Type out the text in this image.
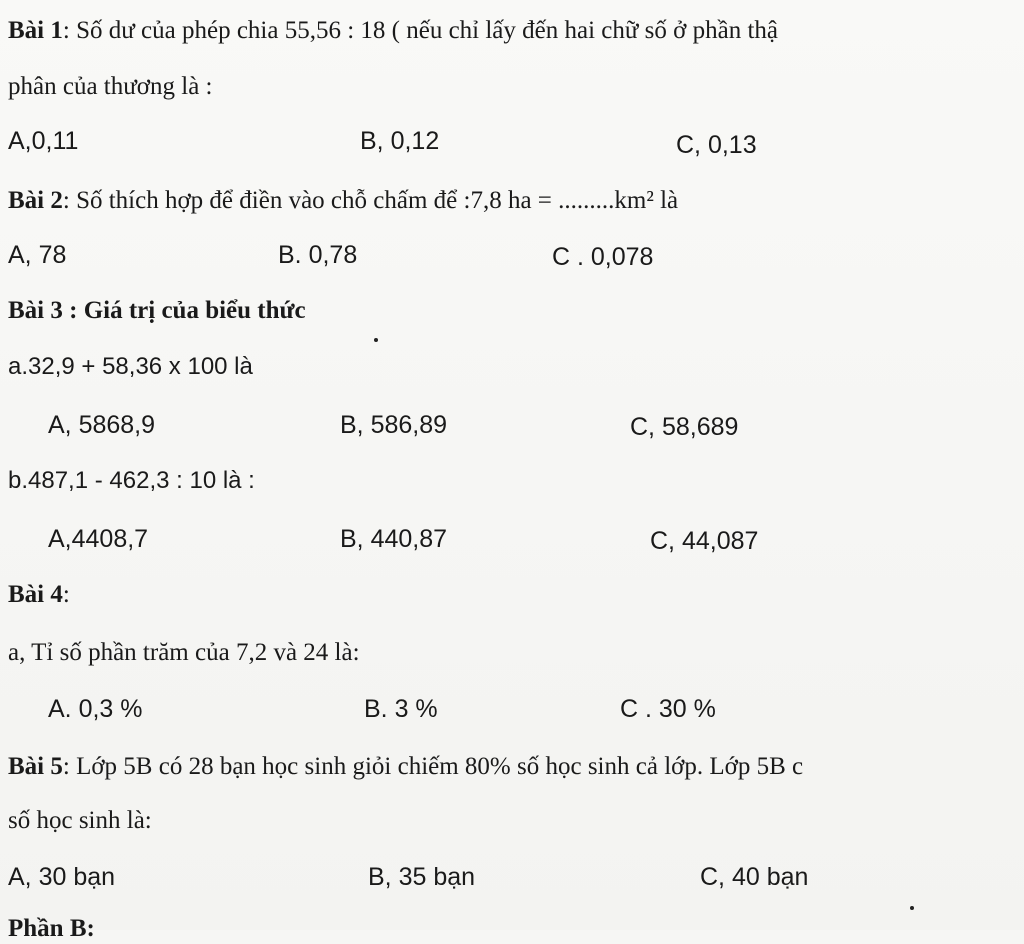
Bài 1: Số dư của phép chia 55,56 : 18 ( nếu chỉ lấy đến hai chữ số ở phần thậ
phân của thương là :
A,0,11	B, 0,12	C, 0,13
Bài 2: Số thích hợp để điền vào chỗ chấm để :7,8 ha = .........km² là
A, 78	B. 0,78	C . 0,078
Bài 3 : Giá trị của biểu thức
a.32,9 + 58,36 x 100 là
A, 5868,9	B, 586,89	C, 58,689
b.487,1 - 462,3 : 10 là :
A,4408,7	B, 440,87	C, 44,087
Bài 4:
a, Tỉ số phần trăm của 7,2 và 24 là:
A. 0,3 %	B. 3 %	C . 30 %
Bài 5: Lớp 5B có 28 bạn học sinh giỏi chiếm 80% số học sinh cả lớp. Lớp 5B c
số học sinh là:
A, 30 bạn	B, 35 bạn	C, 40 bạn
Phần B:
